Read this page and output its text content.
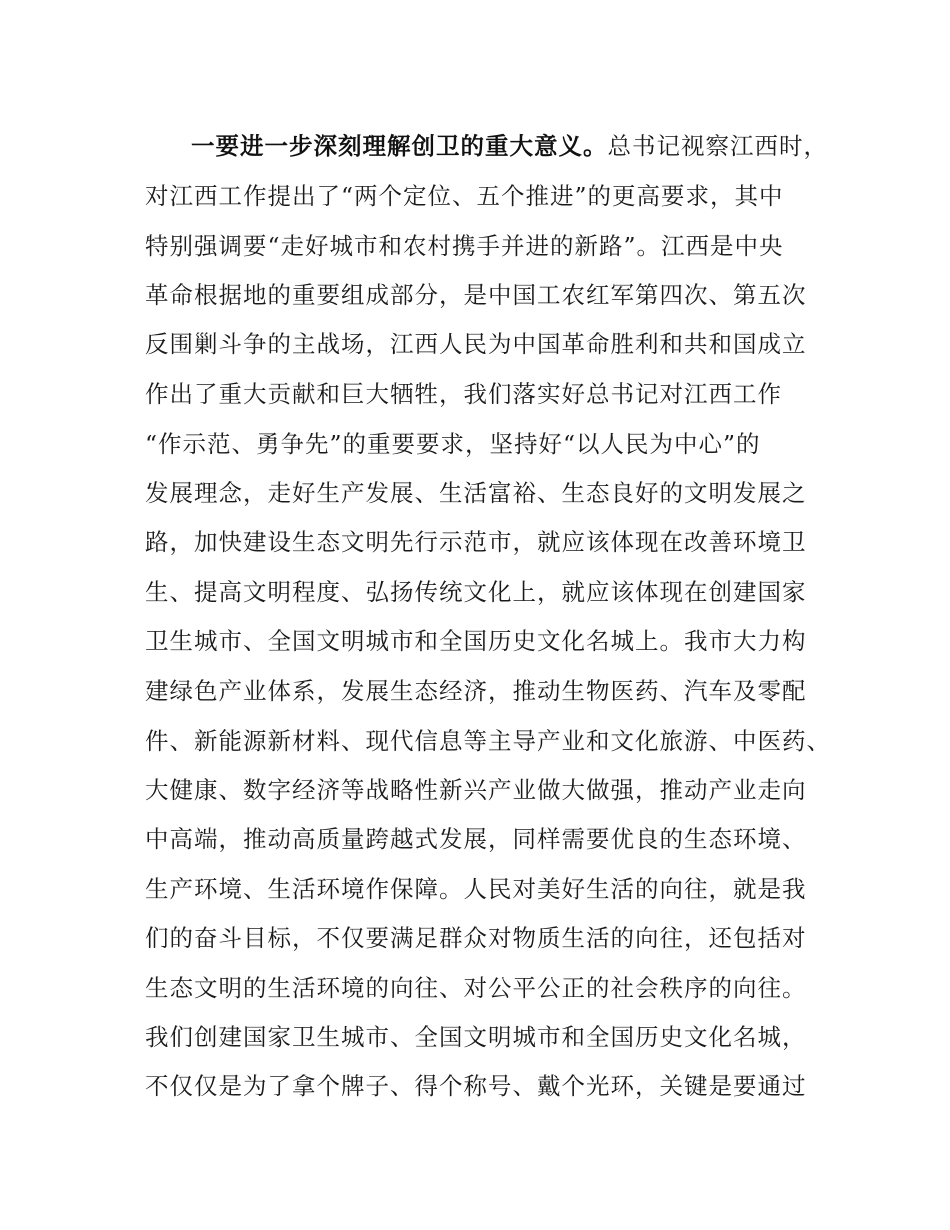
一要进一步深刻理解创卫的重大意义。总书记视察江西时，
对江西工作提出了“两个定位、五个推进”的更高要求，其中
特别强调要“走好城市和农村携手并进的新路”。江西是中央
革命根据地的重要组成部分，是中国工农红军第四次、第五次
反围剿斗争的主战场，江西人民为中国革命胜利和共和国成立
作出了重大贡献和巨大牺牲，我们落实好总书记对江西工作
“作示范、勇争先”的重要要求，坚持好“以人民为中心”的
发展理念，走好生产发展、生活富裕、生态良好的文明发展之
路，加快建设生态文明先行示范市，就应该体现在改善环境卫
生、提高文明程度、弘扬传统文化上，就应该体现在创建国家
卫生城市、全国文明城市和全国历史文化名城上。我市大力构
建绿色产业体系，发展生态经济，推动生物医药、汽车及零配
件、新能源新材料、现代信息等主导产业和文化旅游、中医药、
大健康、数字经济等战略性新兴产业做大做强，推动产业走向
中高端，推动高质量跨越式发展，同样需要优良的生态环境、
生产环境、生活环境作保障。人民对美好生活的向往，就是我
们的奋斗目标，不仅要满足群众对物质生活的向往，还包括对
生态文明的生活环境的向往、对公平公正的社会秩序的向往。
我们创建国家卫生城市、全国文明城市和全国历史文化名城，
不仅仅是为了拿个牌子、得个称号、戴个光环，关键是要通过
